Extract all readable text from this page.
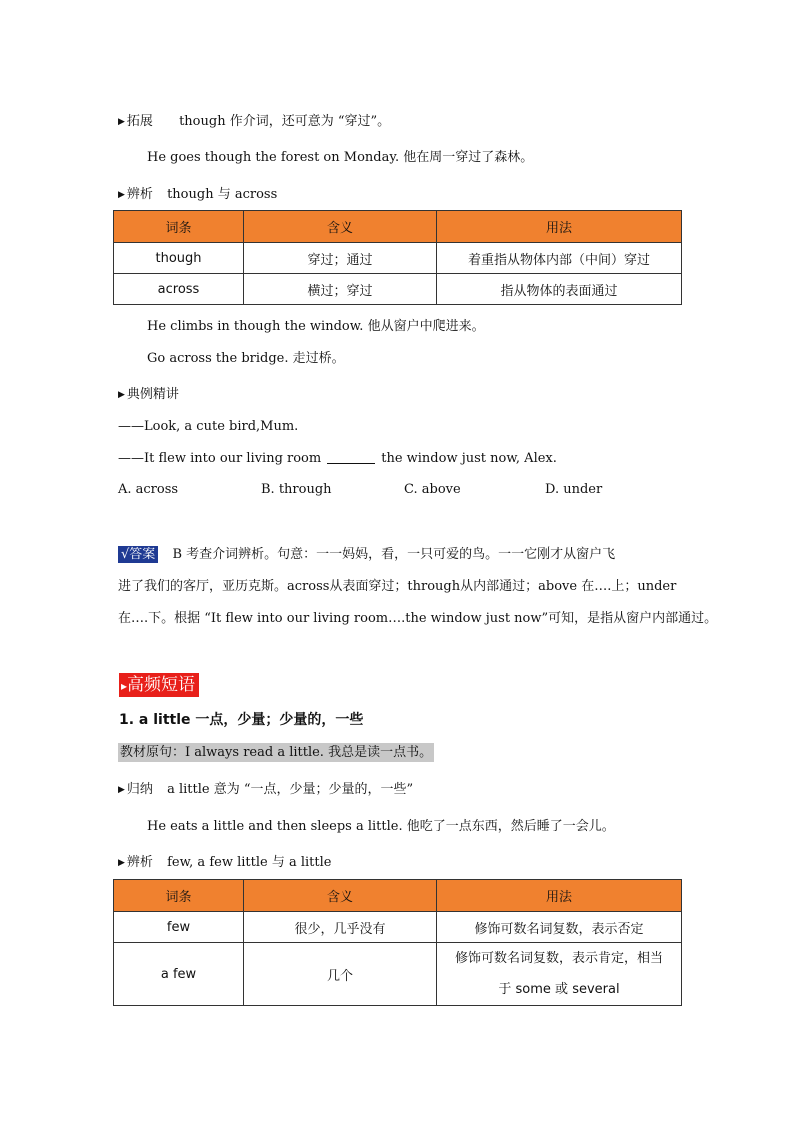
▶ 拓展 though 作介词，还可意为 “穿过”。
He goes though the forest on Monday. 他在周一穿过了森林。
▶ 辨析 though 与 across
词条	含义	用法
though	穿过；通过	着重指从物体内部（中间）穿过
across	横过；穿过	指从物体的表面通过
He climbs in though the window. 他从窗户中爬进来。
Go across the bridge. 走过桥。
▶ 典例精讲
——Look, a cute bird,Mum.
——It flew into our living room	the window just now, Alex.
A. across	B. through	C. above	D. under
√答案 B 考查介词辨析。句意：一一妈妈，看，一只可爱的鸟。一一它刚才从窗户飞
进了我们的客厅，亚历克斯。across从表面穿过；through从内部通过；above 在….上；under
在….下。根据 “It flew into our living room….the window just now”可知，是指从窗户内部通过。
▸高频短语
1. a little 一点，少量；少量的，一些
教材原句：I always read a little. 我总是读一点书。
▶ 归纳 a little 意为 “一点，少量；少量的，一些”
He eats a little and then sleeps a little. 他吃了一点东西，然后睡了一会儿。
▶ 辨析 few, a few little 与 a little
词条	含义	用法
few	很少，几乎没有	修饰可数名词复数，表示否定
a few	几个	修饰可数名词复数，表示肯定，相当
于 some 或 several
